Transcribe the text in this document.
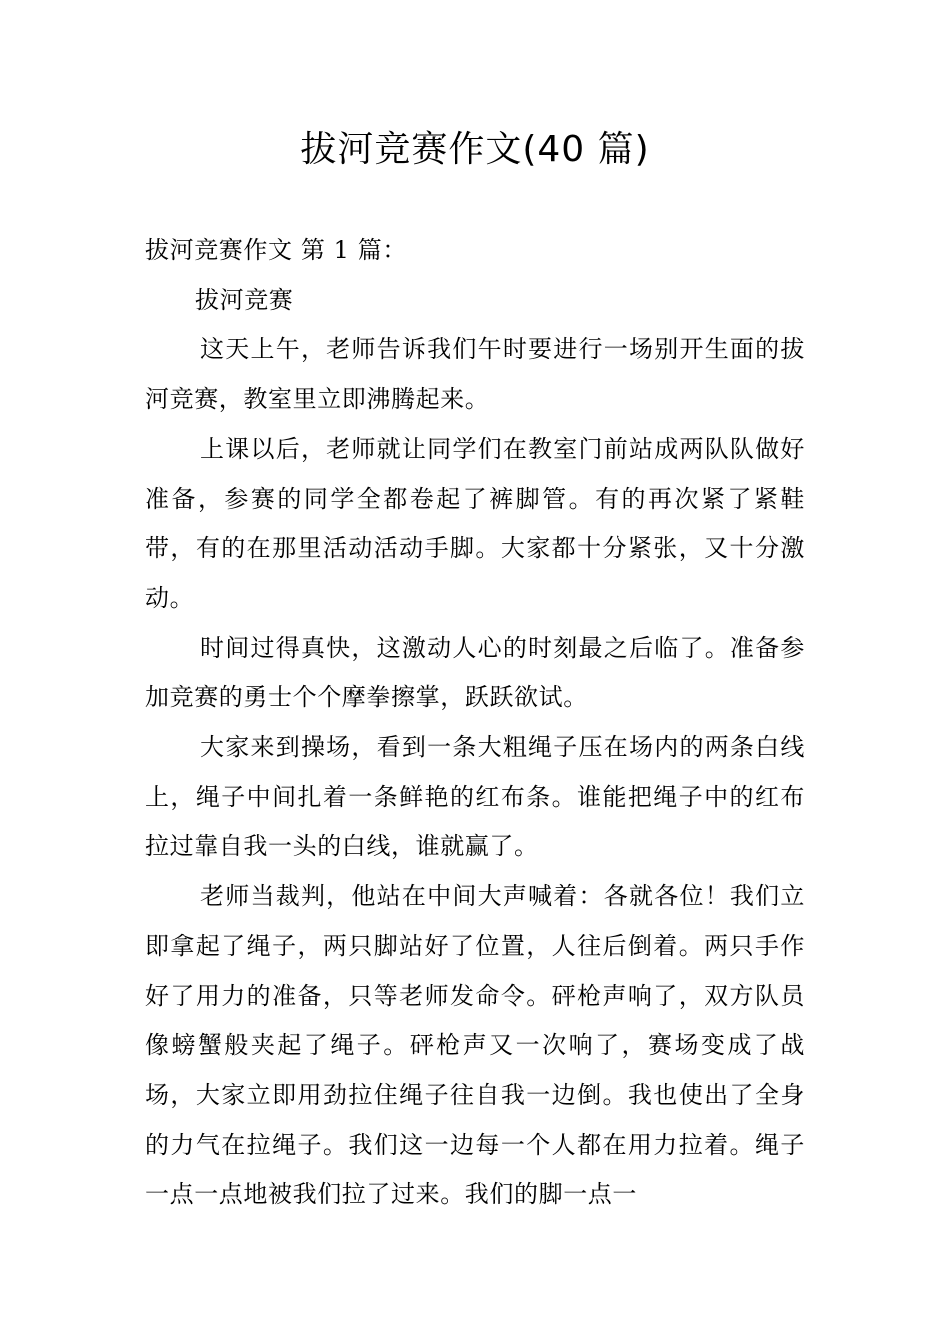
拔河竞赛作文(40 篇)

拔河竞赛作文 第 1 篇：

拔河竞赛

这天上午，老师告诉我们午时要进行一场别开生面的拔河竞赛，教室里立即沸腾起来。

上课以后，老师就让同学们在教室门前站成两队队做好准备，参赛的同学全都卷起了裤脚管。有的再次紧了紧鞋带，有的在那里活动活动手脚。大家都十分紧张，又十分激动。

时间过得真快，这激动人心的时刻最之后临了。准备参加竞赛的勇士个个摩拳擦掌，跃跃欲试。

大家来到操场，看到一条大粗绳子压在场内的两条白线上，绳子中间扎着一条鲜艳的红布条。谁能把绳子中的红布拉过靠自我一头的白线，谁就赢了。

老师当裁判，他站在中间大声喊着：各就各位！我们立即拿起了绳子，两只脚站好了位置，人往后倒着。两只手作好了用力的准备，只等老师发命令。砰枪声响了，双方队员像螃蟹般夹起了绳子。砰枪声又一次响了，赛场变成了战场，大家立即用劲拉住绳子往自我一边倒。我也使出了全身的力气在拉绳子。我们这一边每一个人都在用力拉着。绳子一点一点地被我们拉了过来。我们的脚一点一
